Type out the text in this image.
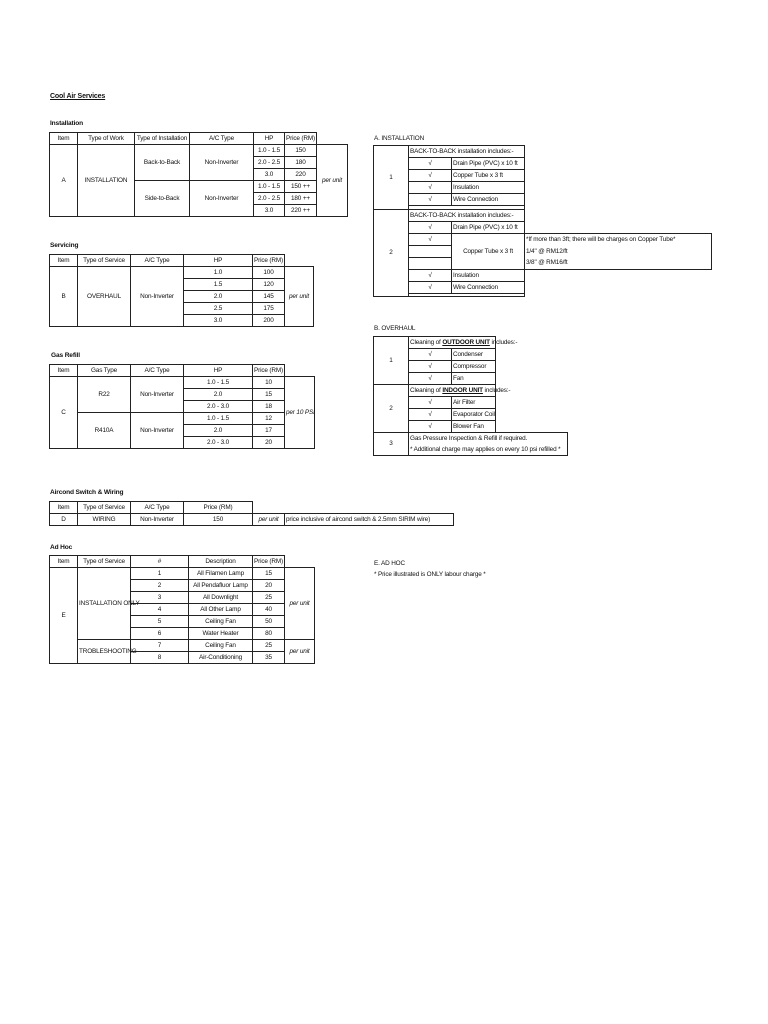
Cool Air Services
Installation
Item	Type of Work	Type of Installation	A/C Type	HP	Price (RM)	
A	INSTALLATION	Back-to-Back	Non-Inverter	1.0 - 1.5	150	per unit
				2.0 - 2.5	180	
				3.0	220	
		Side-to-Back	Non-Inverter	1.0 - 1.5	150 ++	
				2.0 - 2.5	180 ++	
				3.0	220 ++	
Servicing
Item	Type of Service	A/C Type	HP	Price (RM)	
B	OVERHAUL	Non-Inverter	1.0	100	per unit
			1.5	120	
			2.0	145	
			2.5	175	
			3.0	200	
Gas Refill
Item	Gas Type	A/C Type	HP	Price (RM)	
C	R22	Non-Inverter	1.0 - 1.5	10	per 10 PSI
			2.0	15	
			2.0 - 3.0	18	
	R410A	Non-Inverter	1.0 - 1.5	12	
			2.0	17	
			2.0 - 3.0	20	
Aircond Switch & Wiring
Item	Type of Service	A/C Type	Price (RM)		
D	WIRING	Non-Inverter	150	per unit	price inclusive of aircond switch & 2.5mm SIRIM wire)
Ad Hoc
Item	Type of Service	#	Description	Price (RM)	
E	INSTALLATION ONLY	1	All Filamen Lamp	15	per unit
		2	All Pendafluor Lamp	20	
		3	All Downlight	25	
		4	All Other Lamp	40	
		5	Ceiling Fan	50	
		6	Water Heater	80	
	TROBLESHOOTING	7	Ceiling Fan	25	per unit
		8	Air-Conditioning	35	
A. INSTALLATION
1	BACK-TO-BACK installation includes:-		
	√	Drain Pipe (PVC) x 10 ft	
	√	Copper Tube x 3 ft	
	√	Insulation	
	√	Wire Connection	

2	BACK-TO-BACK installation includes:-		
	√	Drain Pipe (PVC) x 10 ft	
	√	Copper Tube x 3 ft	*If more than 3ft; there will be charges on Copper Tube*
			1/4" @ RM12/ft
			3/8" @ RM16/ft
	√	Insulation	
	√	Wire Connection	

B. OVERHAUL
1	Cleaning of OUTDOOR UNIT includes:-		
	√	Condenser	
	√	Compressor	
	√	Fan	
2	Cleaning of INDOOR UNIT includes:-		
	√	Air Filter	
	√	Evaporator Coil	
	√	Blower Fan	
3	Gas Pressure Inspection & Refill if required.		
	* Additional charge may applies on every 10 psi refilled *		
E. AD HOC
* Price illustrated is ONLY labour charge *
